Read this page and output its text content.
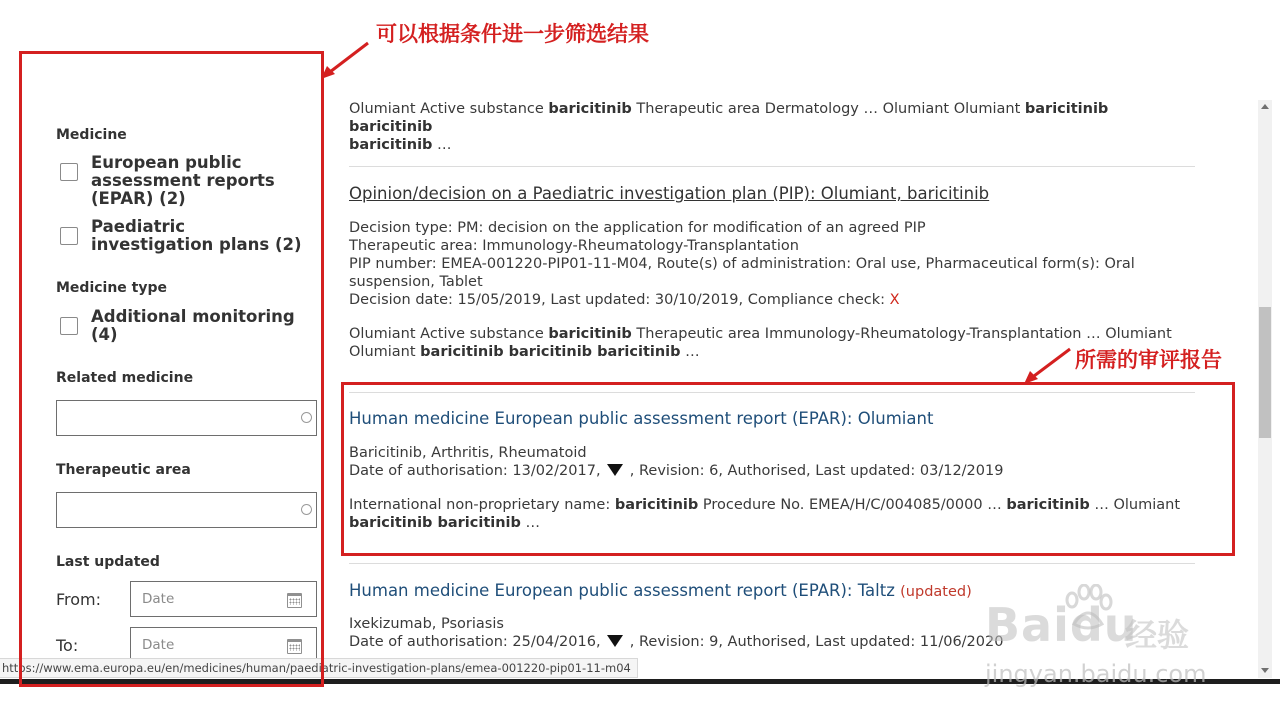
Medicine
European public assessment reports (EPAR) (2)
Paediatric investigation plans (2)
Medicine type
Additional monitoring (4)
Related medicine
Therapeutic area
Last updated
From:	Date
To:	Date
Olumiant Active substance baricitinib Therapeutic area Dermatology … Olumiant Olumiant baricitinib baricitinib
baricitinib …
Opinion/decision on a Paediatric investigation plan (PIP): Olumiant, baricitinib
Decision type: PM: decision on the application for modification of an agreed PIP
Therapeutic area: Immunology-Rheumatology-Transplantation
PIP number: EMEA-001220-PIP01-11-M04, Route(s) of administration: Oral use, Pharmaceutical form(s): Oral
suspension, Tablet
Decision date: 15/05/2019, Last updated: 30/10/2019, Compliance check: X
Olumiant Active substance baricitinib Therapeutic area Immunology-Rheumatology-Transplantation … Olumiant
Olumiant baricitinib baricitinib baricitinib …
Human medicine European public assessment report (EPAR): Olumiant
Baricitinib, Arthritis, Rheumatoid
Date of authorisation: 13/02/2017,  , Revision: 6, Authorised, Last updated: 03/12/2019
International non-proprietary name: baricitinib Procedure No. EMEA/H/C/004085/0000 … baricitinib … Olumiant
baricitinib baricitinib …
Human medicine European public assessment report (EPAR): Taltz (updated)
Ixekizumab, Psoriasis
Date of authorisation: 25/04/2016,  , Revision: 9, Authorised, Last updated: 11/06/2020
https://www.ema.europa.eu/en/medicines/human/paediatric-investigation-plans/emea-001220-pip01-11-m04
Baidu
经验
jingyan.baidu.com
可以根据条件进一步筛选结果
所需的审评报告
